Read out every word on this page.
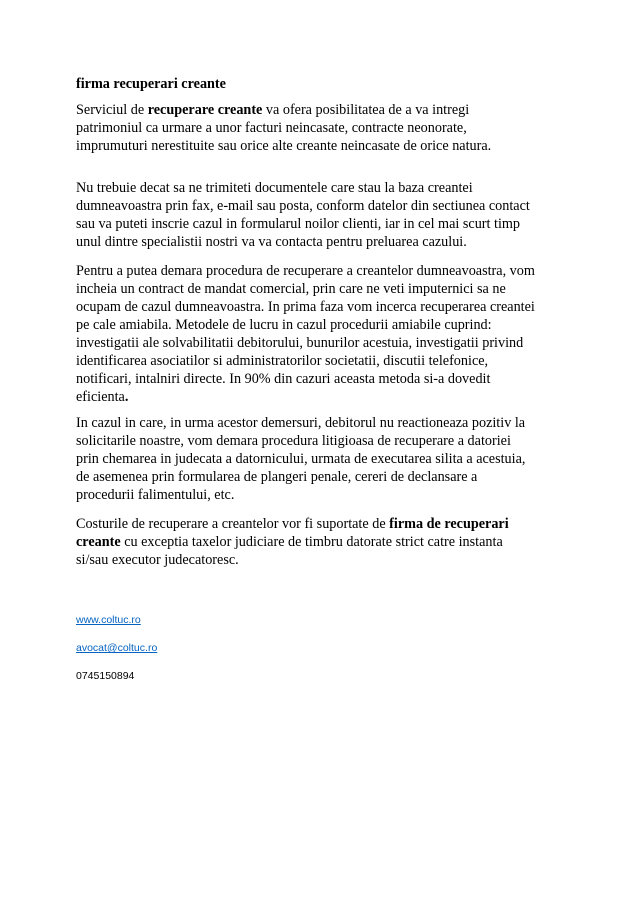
firma recuperari creante
Serviciul de recuperare creante va ofera posibilitatea de a va intregi
patrimoniul ca urmare a unor facturi neincasate, contracte neonorate,
imprumuturi nerestituite sau orice alte creante neincasate de orice natura.
Nu trebuie decat sa ne trimiteti documentele care stau la baza creantei
dumneavoastra prin fax, e-mail sau posta, conform datelor din sectiunea contact
sau va puteti inscrie cazul in formularul noilor clienti, iar in cel mai scurt timp
unul dintre specialistii nostri va va contacta pentru preluarea cazului.
Pentru a putea demara procedura de recuperare a creantelor dumneavoastra, vom
incheia un contract de mandat comercial, prin care ne veti imputernici sa ne
ocupam de cazul dumneavoastra. In prima faza vom incerca recuperarea creantei
pe cale amiabila. Metodele de lucru in cazul procedurii amiabile cuprind:
investigatii ale solvabilitatii debitorului, bunurilor acestuia, investigatii privind
identificarea asociatilor si administratorilor societatii, discutii telefonice,
notificari, intalniri directe. In 90% din cazuri aceasta metoda si-a dovedit
eficienta.
In cazul in care, in urma acestor demersuri, debitorul nu reactioneaza pozitiv la
solicitarile noastre, vom demara procedura litigioasa de recuperare a datoriei
prin chemarea in judecata a datornicului, urmata de executarea silita a acestuia,
de asemenea prin formularea de plangeri penale, cereri de declansare a
procedurii falimentului, etc.
Costurile de recuperare a creantelor vor fi suportate de firma de recuperari
creante cu exceptia taxelor judiciare de timbru datorate strict catre instanta
si/sau executor judecatoresc.
www.coltuc.ro
avocat@coltuc.ro
0745150894
